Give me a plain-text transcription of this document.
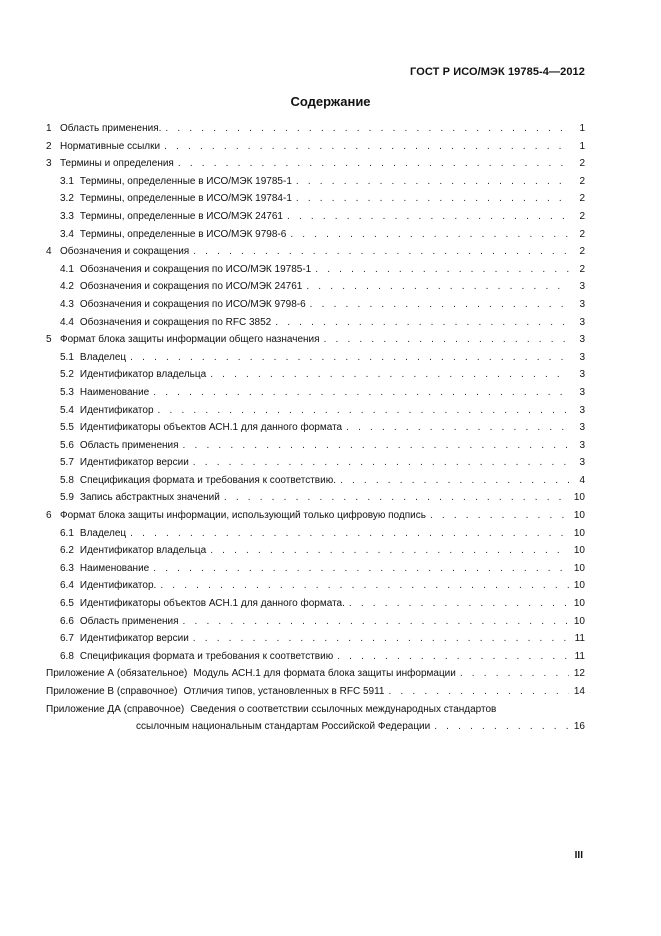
ГОСТ Р ИСО/МЭК 19785-4—2012
Содержание
1 Область применения. . . .	1
2 Нормативные ссылки . . .	1
3 Термины и определения . . .	2
3.1 Термины, определенные в ИСО/МЭК 19785-1 . . .	2
3.2 Термины, определенные в ИСО/МЭК 19784-1 . . .	2
3.3 Термины, определенные в ИСО/МЭК 24761 . . .	2
3.4 Термины, определенные в ИСО/МЭК 9798-6 . . .	2
4 Обозначения и сокращения . . .	2
4.1 Обозначения и сокращения по ИСО/МЭК 19785-1 . . .	2
4.2 Обозначения и сокращения по ИСО/МЭК 24761 . . .	3
4.3 Обозначения и сокращения по ИСО/МЭК 9798-6 . . .	3
4.4 Обозначения и сокращения по RFC 3852 . . .	3
5 Формат блока защиты информации общего назначения . . .	3
5.1 Владелец . . .	3
5.2 Идентификатор владельца . . .	3
5.3 Наименование . . .	3
5.4 Идентификатор . . .	3
5.5 Идентификаторы объектов АСН.1 для данного формата . . .	3
5.6 Область применения . . .	3
5.7 Идентификатор версии . . .	3
5.8 Спецификация формата и требования к соответствию. . . .	4
5.9 Запись абстрактных значений . . .	10
6 Формат блока защиты информации, использующий только цифровую подпись . . .	10
6.1 Владелец . . .	10
6.2 Идентификатор владельца . . .	10
6.3 Наименование . . .	10
6.4 Идентификатор. . . .	10
6.5 Идентификаторы объектов АСН.1 для данного формата. . . .	10
6.6 Область применения . . .	10
6.7 Идентификатор версии . . .	11
6.8 Спецификация формата и требования к соответствию . . .	11
Приложение А (обязательное) Модуль АСН.1 для формата блока защиты информации . . .	12
Приложение В (справочное) Отличия типов, установленных в RFC 5911 . . .	14
Приложение ДА (справочное) Сведения о соответствии ссылочных международных стандартов
ссылочным национальным стандартам Российской Федерации . . .	16
III
